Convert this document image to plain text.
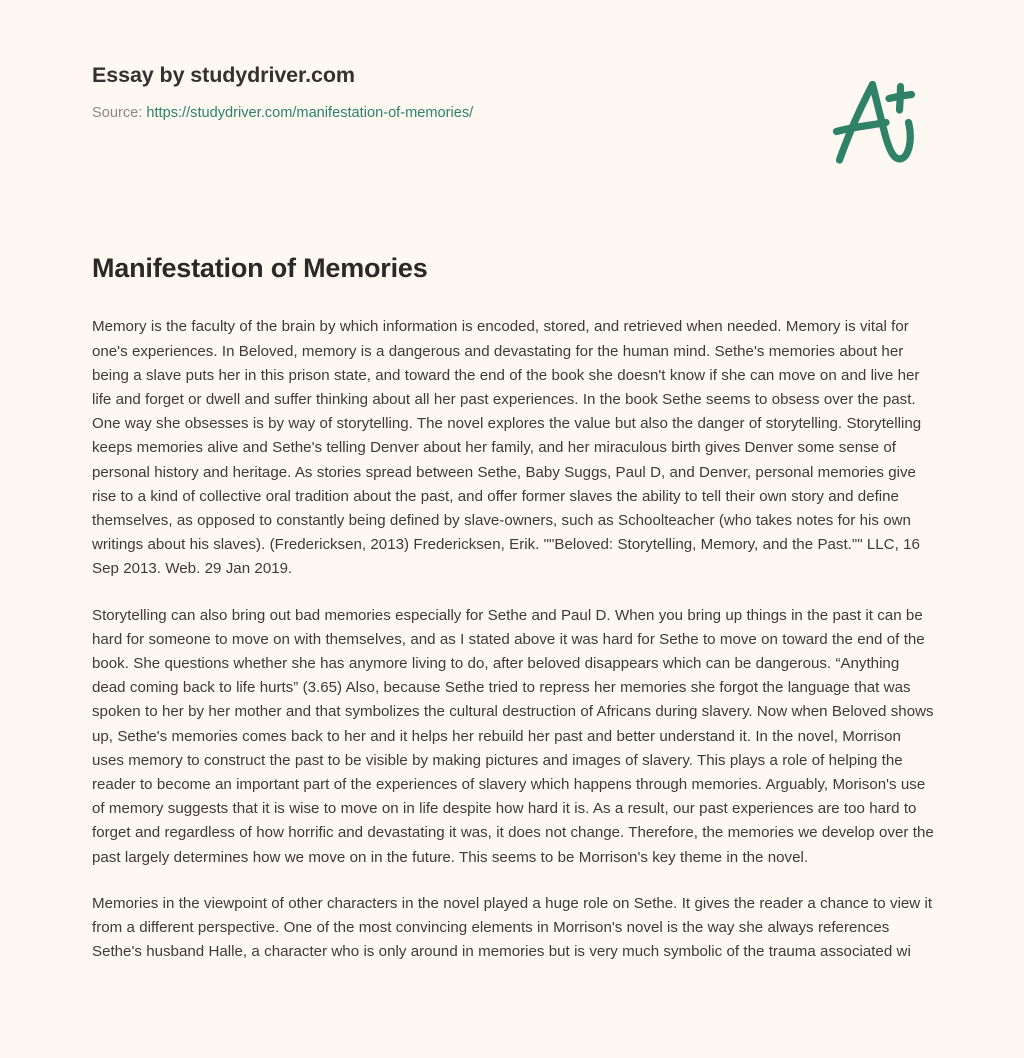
Essay by studydriver.com
Source: https://studydriver.com/manifestation-of-memories/
Manifestation of Memories

Memory is the faculty of the brain by which information is encoded, stored, and retrieved when needed. Memory is vital for one's experiences. In Beloved, memory is a dangerous and devastating for the human mind. Sethe's memories about her being a slave puts her in this prison state, and toward the end of the book she doesn't know if she can move on and live her life and forget or dwell and suffer thinking about all her past experiences. In the book Sethe seems to obsess over the past. One way she obsesses is by way of storytelling. The novel explores the value but also the danger of storytelling. Storytelling keeps memories alive and Sethe's telling Denver about her family, and her miraculous birth gives Denver some sense of personal history and heritage. As stories spread between Sethe, Baby Suggs, Paul D, and Denver, personal memories give rise to a kind of collective oral tradition about the past, and offer former slaves the ability to tell their own story and define themselves, as opposed to constantly being defined by slave-owners, such as Schoolteacher (who takes notes for his own writings about his slaves). (Fredericksen, 2013) Fredericksen, Erik. ""Beloved: Storytelling, Memory, and the Past."" LLC, 16 Sep 2013. Web. 29 Jan 2019.

Storytelling can also bring out bad memories especially for Sethe and Paul D. When you bring up things in the past it can be hard for someone to move on with themselves, and as I stated above it was hard for Sethe to move on toward the end of the book. She questions whether she has anymore living to do, after beloved disappears which can be dangerous. “Anything dead coming back to life hurts” (3.65) Also, because Sethe tried to repress her memories she forgot the language that was spoken to her by her mother and that symbolizes the cultural destruction of Africans during slavery. Now when Beloved shows up, Sethe's memories comes back to her and it helps her rebuild her past and better understand it. In the novel, Morrison uses memory to construct the past to be visible by making pictures and images of slavery. This plays a role of helping the reader to become an important part of the experiences of slavery which happens through memories. Arguably, Morison's use of memory suggests that it is wise to move on in life despite how hard it is. As a result, our past experiences are too hard to forget and regardless of how horrific and devastating it was, it does not change. Therefore, the memories we develop over the past largely determines how we move on in the future. This seems to be Morrison's key theme in the novel.

Memories in the viewpoint of other characters in the novel played a huge role on Sethe. It gives the reader a chance to view it from a different perspective. One of the most convincing elements in Morrison's novel is the way she always references Sethe's husband Halle, a character who is only around in memories but is very much symbolic of the trauma associated wi
